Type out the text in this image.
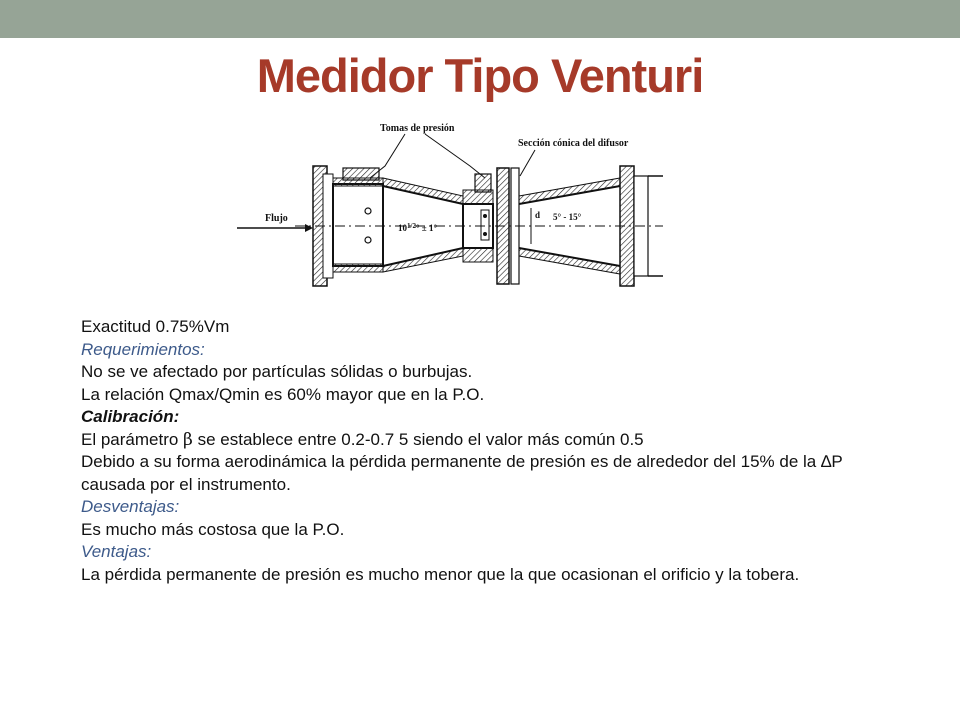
Medidor Tipo Venturi
Tomas de presión
Sección cónica del difusor
Flujo
$10^{1/2}^\circ \pm 1^\circ$
d 5° - 15°
Exactitud 0.75%Vm
Requerimientos:
No se ve afectado por partículas sólidas o burbujas.
La relación Qmax/Qmin es 60% mayor que en la P.O.
Calibración:
El parámetro β se establece entre 0.2-0.7 5 siendo el valor más común 0.5
Debido a su forma aerodinámica la pérdida permanente de presión es de alrededor del 15% de la ∆P causada por el instrumento.
Desventajas:
Es mucho más costosa que la P.O.
Ventajas:
La pérdida permanente de presión es mucho menor que la que ocasionan el orificio y la tobera.
